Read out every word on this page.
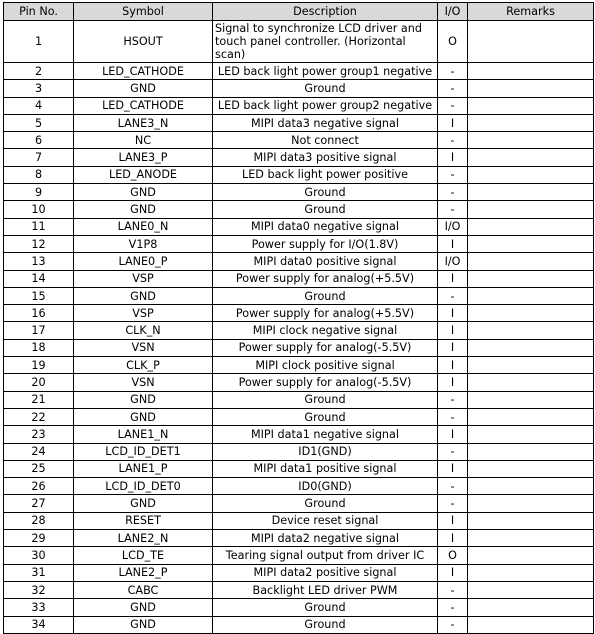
Pin No.	Symbol	Description	I/O	Remarks
1	HSOUT	Signal to synchronize LCD driver and touch panel controller. (Horizontal scan)	O	
2	LED_CATHODE	LED back light power group1 negative	-	
3	GND	Ground	-	
4	LED_CATHODE	LED back light power group2 negative	-	
5	LANE3_N	MIPI data3 negative signal	I	
6	NC	Not connect	-	
7	LANE3_P	MIPI data3 positive signal	I	
8	LED_ANODE	LED back light power positive	-	
9	GND	Ground	-	
10	GND	Ground	-	
11	LANE0_N	MIPI data0 negative signal	I/O	
12	V1P8	Power supply for I/O(1.8V)	I	
13	LANE0_P	MIPI data0 positive signal	I/O	
14	VSP	Power supply for analog(+5.5V)	I	
15	GND	Ground	-	
16	VSP	Power supply for analog(+5.5V)	I	
17	CLK_N	MIPI clock negative signal	I	
18	VSN	Power supply for analog(-5.5V)	I	
19	CLK_P	MIPI clock positive signal	I	
20	VSN	Power supply for analog(-5.5V)	I	
21	GND	Ground	-	
22	GND	Ground	-	
23	LANE1_N	MIPI data1 negative signal	I	
24	LCD_ID_DET1	ID1(GND)	-	
25	LANE1_P	MIPI data1 positive signal	I	
26	LCD_ID_DET0	ID0(GND)	-	
27	GND	Ground	-	
28	RESET	Device reset signal	I	
29	LANE2_N	MIPI data2 negative signal	I	
30	LCD_TE	Tearing signal output from driver IC	O	
31	LANE2_P	MIPI data2 positive signal	I	
32	CABC	Backlight LED driver PWM	-	
33	GND	Ground	-	
34	GND	Ground	-	
